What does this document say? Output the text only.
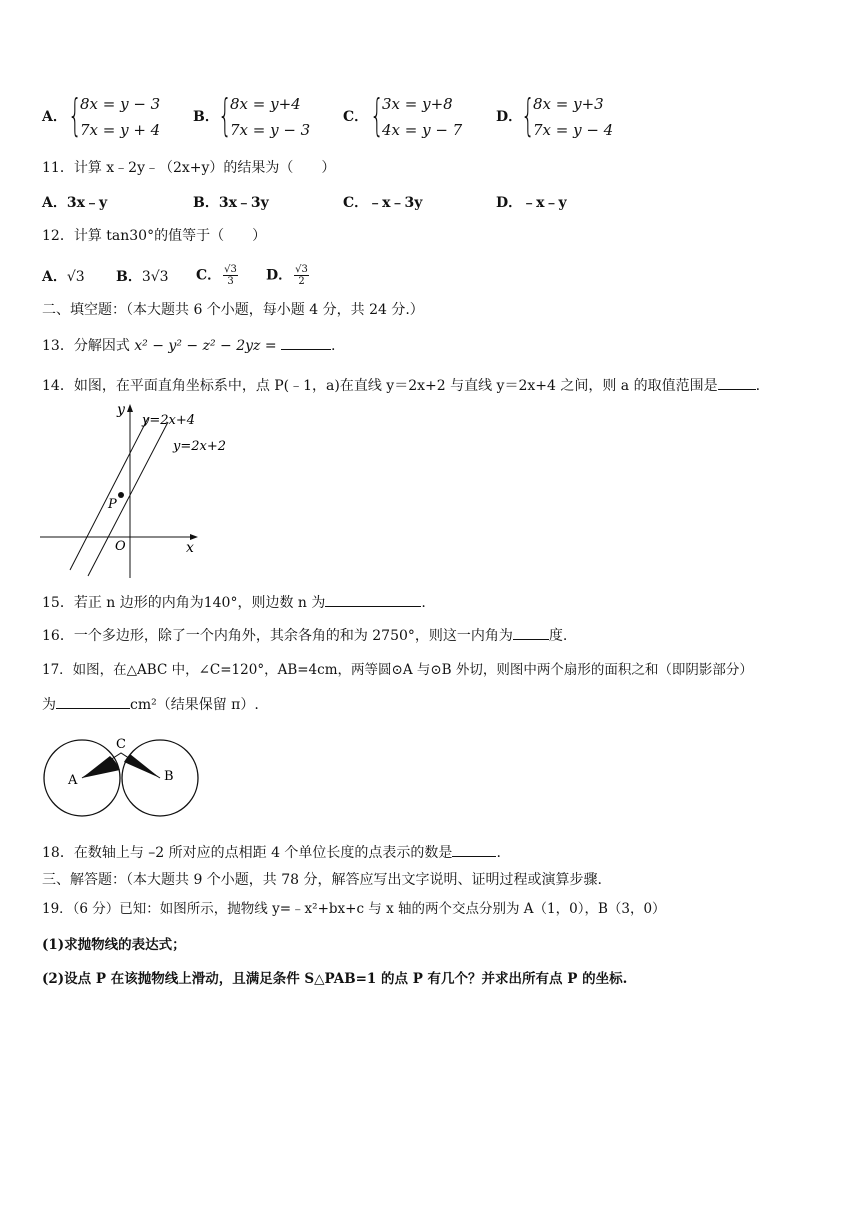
A． {
8x = y − 3
7x = y + 4
B． {
8x = y+4
7x = y − 3
C． {
3x = y+8
4x = y − 7
D．
{
8x = y+3
7x = y − 4
11．计算 x﹣2y﹣（2x+y）的结果为（　　）
A．3x﹣y	B．3x﹣3y	C．﹣x﹣3y	D．﹣x﹣y
12．计算 tan30°的值等于（　　）
A．√3 B．3√3 C． $\frac{√3}{3}$ D． $\frac{√3}{2}$
二、填空题：（本大题共 6 个小题，每小题 4 分，共 24 分.）
13．分解因式 x² − y² − z² − 2yz =	.
14．如图，在平面直角坐标系中，点 P(﹣1，a)在直线 y＝2x+2 与直线 y＝2x+4 之间，则 a 的取值范围是	.
y
x
O
P
y=2x+4
y=2x+2
15．若正 n 边形的内角为140°，则边数 n 为	.
16．一个多边形，除了一个内角外，其余各角的和为 2750°，则这一内角为	度.
17．如图，在△ABC 中，∠C=120°，AB=4cm，两等圆⊙A 与⊙B 外切，则图中两个扇形的面积之和（即阴影部分）
为	cm²（结果保留 π）.
A	B
C
18．在数轴上与 –2 所对应的点相距 4 个单位长度的点表示的数是	.
三、解答题：（本大题共 9 个小题，共 78 分，解答应写出文字说明、证明过程或演算步骤.
19．（6 分）已知：如图所示，抛物线 y=﹣x²+bx+c 与 x 轴的两个交点分别为 A（1，0），B（3，0）
(1)求抛物线的表达式；
(2)设点 P 在该抛物线上滑动，且满足条件 S△PAB=1 的点 P 有几个？并求出所有点 P 的坐标.
